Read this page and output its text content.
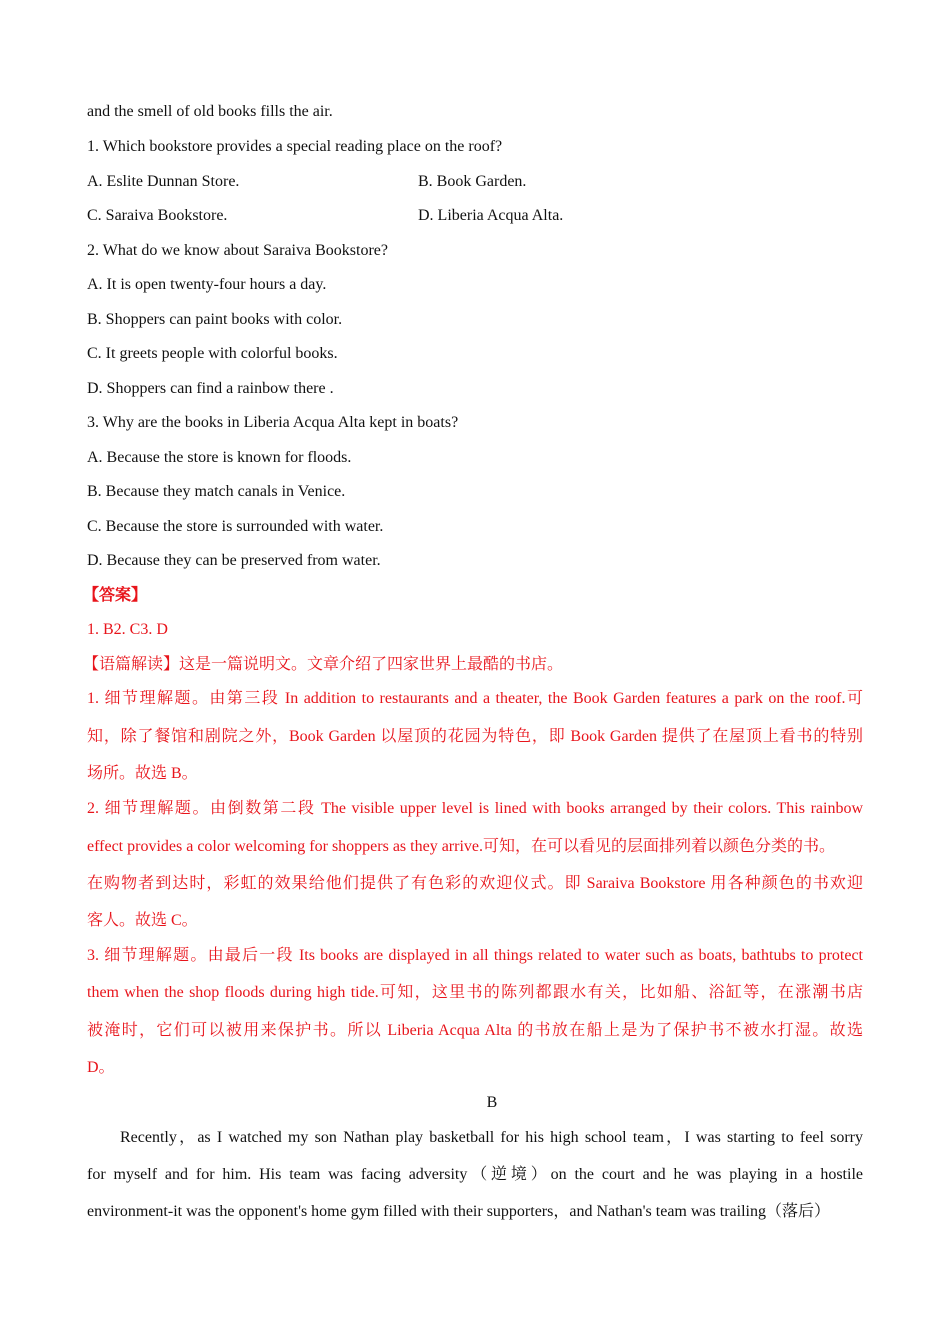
and the smell of old books fills the air.
1. Which bookstore provides a special reading place on the roof?
A. Eslite Dunnan Store.	B. Book Garden.
C. Saraiva Bookstore.	D. Liberia Acqua Alta.
2. What do we know about Saraiva Bookstore?
A. It is open twenty-four hours a day.
B. Shoppers can paint books with color.
C. It greets people with colorful books.
D. Shoppers can find a rainbow there .
3. Why are the books in Liberia Acqua Alta kept in boats?
A. Because the store is known for floods.
B. Because they match canals in Venice.
C. Because the store is surrounded with water.
D. Because they can be preserved from water.
【答案】
1. B2. C3. D
【语篇解读】这是一篇说明文。文章介绍了四家世界上最酷的书店。
1. 细节理解题。由第三段 In addition to restaurants and a theater, the Book Garden features a park on the roof.可
知，除了餐馆和剧院之外，Book Garden 以屋顶的花园为特色，即 Book Garden 提供了在屋顶上看书的特别
场所。故选 B。
2. 细节理解题。由倒数第二段 The visible upper level is lined with books arranged by their colors. This rainbow
effect provides a color welcoming for shoppers as they arrive.可知，在可以看见的层面排列着以颜色分类的书。
在购物者到达时，彩虹的效果给他们提供了有色彩的欢迎仪式。即 Saraiva Bookstore 用各种颜色的书欢迎
客人。故选 C。
3. 细节理解题。由最后一段 Its books are displayed in all things related to water such as boats, bathtubs to protect
them when the shop floods during high tide.可知，这里书的陈列都跟水有关，比如船、浴缸等，在涨潮书店
被淹时，它们可以被用来保护书。所以 Liberia Acqua Alta 的书放在船上是为了保护书不被水打湿。故选
D。
B
Recently，as I watched my son Nathan play basketball for his high school team，I was starting to feel sorry
for myself and for him. His team was facing adversity（逆境）on the court and he was playing in a hostile
environment-it was the opponent's home gym filled with their supporters，and Nathan's team was trailing（落后）
